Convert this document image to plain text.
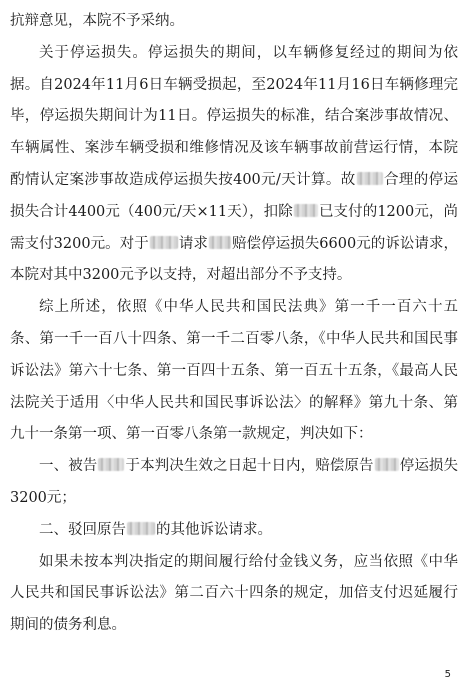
抗辩意见，本院不予采纳。

关于停运损失。停运损失的期间，以车辆修复经过的期间为依据。自2024年11月6日车辆受损起，至2024年11月16日车辆修理完毕，停运损失期间计为11日。停运损失的标准，结合案涉事故情况、车辆属性、案涉车辆受损和维修情况及该车辆事故前营运行情，本院酌情认定案涉事故造成停运损失按400元/天计算。故 合理的停运损失合计4400元（400元/天×11天），扣除 已支付的1200元，尚需支付3200元。对于 请求 赔偿停运损失6600元的诉讼请求，本院对其中3200元予以支持，对超出部分不予支持。

综上所述，依照《中华人民共和国民法典》第一千一百六十五条、第一千一百八十四条、第一千二百零八条，《中华人民共和国民事诉讼法》第六十七条、第一百四十五条、第一百五十五条，《最高人民法院关于适用〈中华人民共和国民事诉讼法〉的解释》第九十条、第九十一条第一项、第一百零八条第一款规定，判决如下：

一、被告 于本判决生效之日起十日内，赔偿原告 停运损失3200元；

二、驳回原告 的其他诉讼请求。

如果未按本判决指定的期间履行给付金钱义务，应当依照《中华人民共和国民事诉讼法》第二百六十四条的规定，加倍支付迟延履行期间的债务利息。

5
